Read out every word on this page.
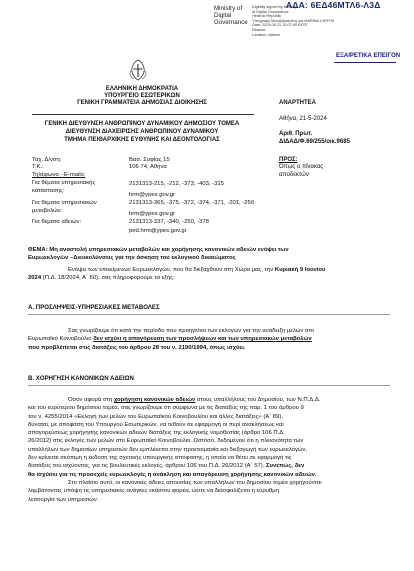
ΑΔΑ: 6ΕΔ46ΜΤΛ6-Λ3Δ
Ministry of
Digital
Governance
Digitally signed by Ministry
of Digital Governance
Hellenic Republic
Υπογραφή Μεταβιβασμένη για MARINA CHRYSI
Date: 2024.05.21 12:07:45 EEST
Reason:
Location: Athens
ΕΞΑΙΡΕΤΙΚΑ ΕΠΕΙΓΟΝ
ΕΛΛΗΝΙΚΗ ΔΗΜΟΚΡΑΤΙΑ
ΥΠΟΥΡΓΕΙΟ ΕΣΩΤΕΡΙΚΩΝ
ΓΕΝΙΚΗ ΓΡΑΜΜΑΤΕΙΑ ΔΗΜΟΣΙΑΣ ΔΙΟΙΚΗΣΗΣ
ΓΕΝΙΚΗ ΔΙΕΥΘΥΝΣΗ ΑΝΘΡΩΠΙΝΟΥ ΔΥΝΑΜΙΚΟΥ ΔΗΜΟΣΙΟΥ ΤΟΜΕΑ
ΔΙΕΥΘΥΝΣΗ ΔΙΑΧΕΙΡΙΣΗΣ ΑΝΘΡΩΠΙΝΟΥ ΔΥΝΑΜΙΚΟΥ
ΤΜΗΜΑ ΠΕΙΘΑΡΧΙΚΗΣ ΕΥΘΥΝΗΣ ΚΑΙ ΔΕΟΝΤΟΛΟΓΙΑΣ
ΑΝΑΡΤΗΤΕΑ
Αθήνα, 21-5-2024
Αριθ. Πρωτ.
ΔΙΔΑΔ/Φ.69/255/οικ.9685
ΠΡΟΣ:
Όπως ο πίνακας
αποδεκτών
Ταχ. Δ/νση:	Βασ. Σοφίας 15
Τ.Κ.:	106 74, Αθήνα
Τηλέφωνα - E-mails:
Για θέματα υπηρεσιακής	2131313-215, -212, -373, -403, -315
κατάστασης:
hrm@ypes.gov.gr
Για θέματα υπηρεσιακών	2131313-365, -375, -372, -374, -371, -201, -250
μεταβολών:	hrm@ypes.gov.gr
Για θέματα αδειών:	2131313-337, -340, -250, -378
ped.hrm@ypes.gov.gr
ΘΕΜΑ: Μη αναστολή υπηρεσιακών μεταβολών και χορήγησης κανονικών αδειών ενόψει των
Ευρωεκλογών –Διευκολύνσεις για την άσκηση του εκλογικού δικαιώματος
Ενόψει των επικείμενων Ευρωεκλογών, που θα διεξαχθούν στη Χώρα μας, την Κυριακή 9 Ιουνίου
2024 (Π.Δ. 18/2024, Α΄ 50), σας πληροφορούμε τα εξής:
Α. ΠΡΟΣΛΗΨΕΙΣ-ΥΠΗΡΕΣΙΑΚΕΣ ΜΕΤΑΒΟΛΕΣ
Σας γνωρίζουμε ότι κατά την περίοδο που προηγείται των εκλογών για την ανάδειξη μελών στο
Ευρωπαϊκό Κοινοβούλιο δεν ισχύει η απαγόρευση των προσλήψεων και των υπηρεσιακών μεταβολών
που προβλέπεται στις διατάξεις του άρθρου 28 του ν. 2190/1994, όπως ισχύει.
Β. ΧΟΡΗΓΗΣΗ ΚΑΝΟΝΙΚΩΝ ΑΔΕΙΩΝ
Όσον αφορά στη χορήγηση κανονικών αδειών στους υπαλλήλους του Δημοσίου, των Ν.Π.Δ.Δ.
και του ευρύτερου δημόσιου τομέα, σας γνωρίζουμε ότι σύμφωνα με τις διατάξεις της παρ. 1 του άρθρου 9
του ν. 4255/2014 «Εκλογή των μελών του Ευρωπαϊκού Κοινοβουλίου και άλλες διατάξεις» (Α΄ 89),
δύναται, με απόφαση του Υπουργού Εσωτερικών, να τεθούν σε εφαρμογή οι περί ανακλήσεως και
απαγορεύσεως χορήγησης κανονικών αδειών διατάξεις της εκλογικής νομοθεσίας (άρθρο 106 Π.Δ.
26/2012) στις εκλογές των μελών στο Ευρωπαϊκό Κοινοβούλιο. Ωστόσο, δεδομένου ότι η πλειονότητα των
υπαλλήλων των δημοσίων υπηρεσιών δεν εμπλέκεται στην προετοιμασία και διεξαγωγή των ευρωεκλογών,
δεν κρίνεται σκόπιμη η έκδοση της σχετικής υπουργικής απόφασης, η οποία να θέτει σε εφαρμογή τις
διατάξεις του ισχύοντος, για τις βουλευτικές εκλογές, άρθρου 106 του Π.Δ. 26/2012 (Α΄ 57). Συνεπώς, δεν
θα ισχύσει για τις προσεχείς ευρωεκλογές η ανάκληση και απαγόρευση χορήγησης κανονικών αδειών.
Στο πλαίσιο αυτό, οι κανονικές άδειες απουσίας των υπαλλήλων του δημοσίου τομέα χορηγούνται
λαμβάνοντας υπόψη τις υπηρεσιακές ανάγκες εκάστου φορέα, ώστε να διασφαλίζεται η εύρυθμη
λειτουργία των υπηρεσιών.
